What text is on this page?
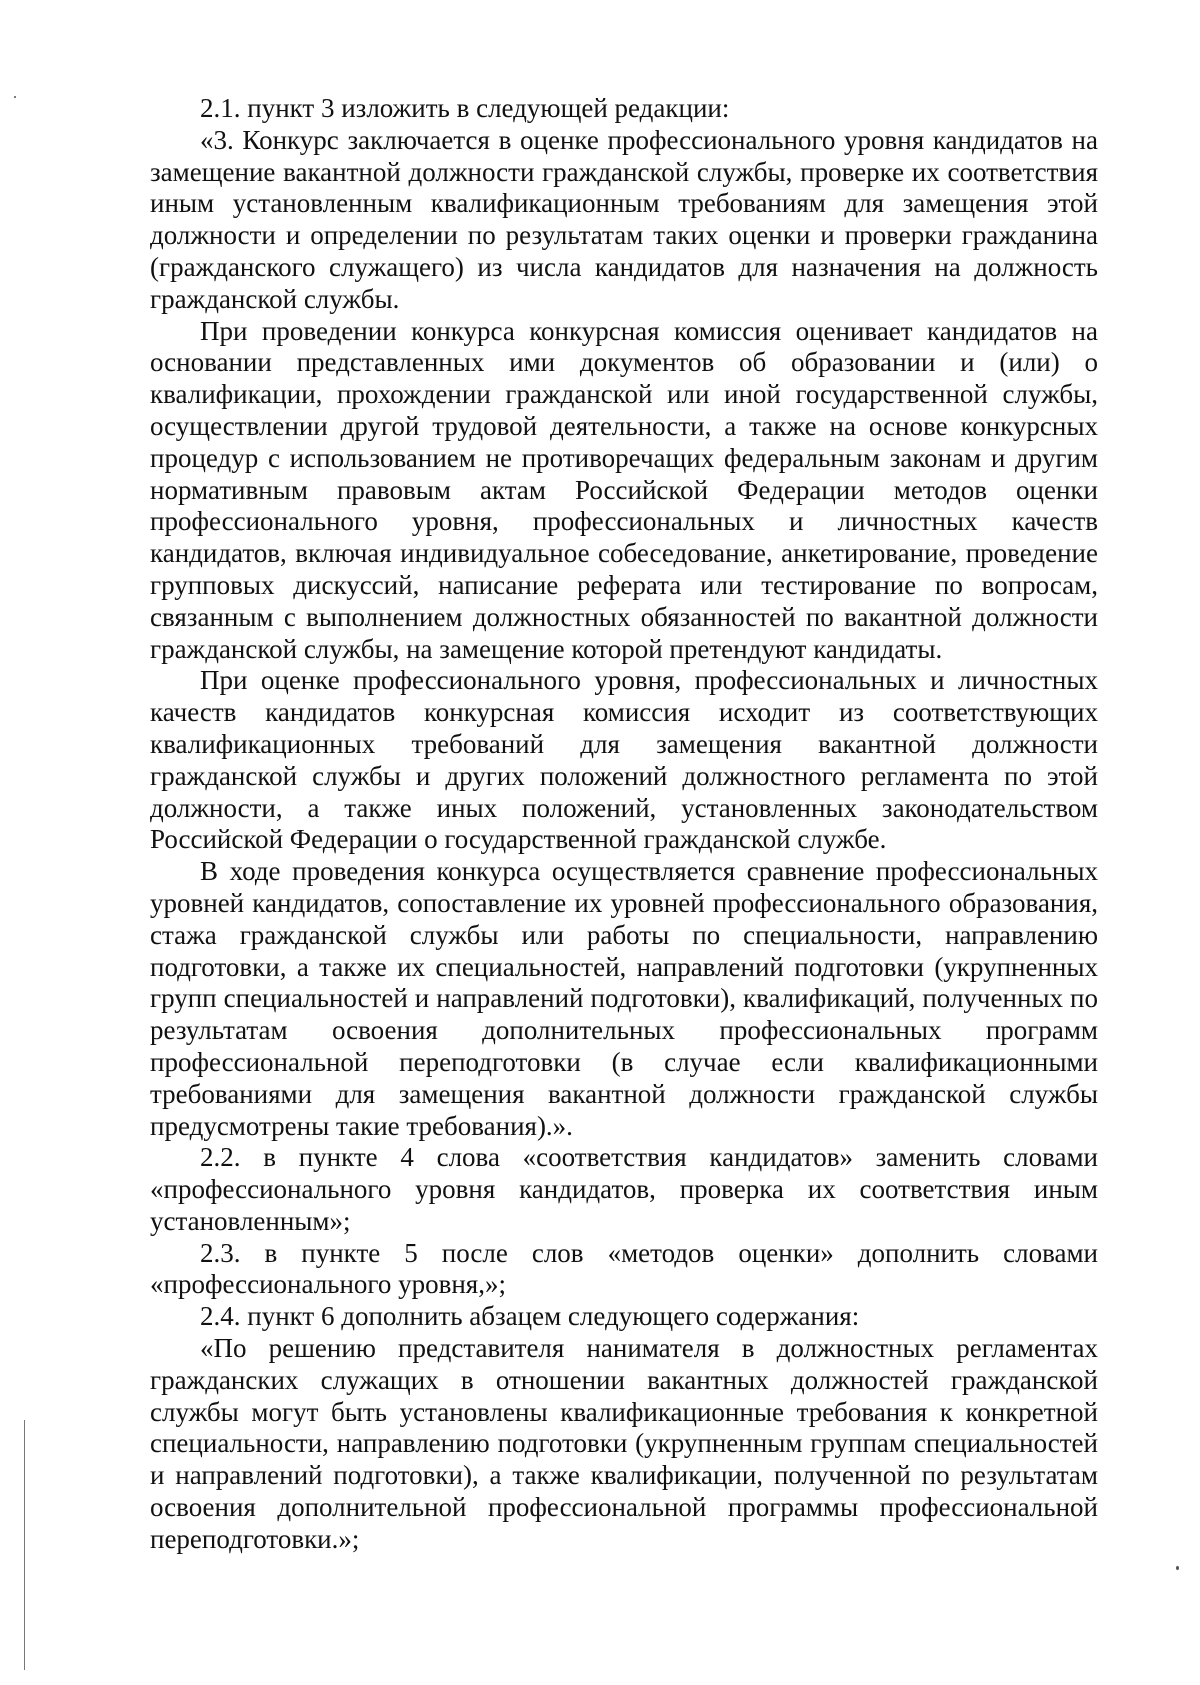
2.1. пункт 3 изложить в следующей редакции:

«3. Конкурс заключается в оценке профессионального уровня кандидатов на замещение вакантной должности гражданской службы, проверке их соответствия иным установленным квалификационным требованиям для замещения этой должности и определении по результатам таких оценки и проверки гражданина (гражданского служащего) из числа кандидатов для назначения на должность гражданской службы.

При проведении конкурса конкурсная комиссия оценивает кандидатов на основании представленных ими документов об образовании и (или) о квалификации, прохождении гражданской или иной государственной службы, осуществлении другой трудовой деятельности, а также на основе конкурсных процедур с использованием не противоречащих федеральным законам и другим нормативным правовым актам Российской Федерации методов оценки профессионального уровня, профессиональных и личностных качеств кандидатов, включая индивидуальное собеседование, анкетирование, проведение групповых дискуссий, написание реферата или тестирование по вопросам, связанным с выполнением должностных обязанностей по вакантной должности гражданской службы, на замещение которой претендуют кандидаты.

При оценке профессионального уровня, профессиональных и личностных качеств кандидатов конкурсная комиссия исходит из соответствующих квалификационных требований для замещения вакантной должности гражданской службы и других положений должностного регламента по этой должности, а также иных положений, установленных законодательством Российской Федерации о государственной гражданской службе.

В ходе проведения конкурса осуществляется сравнение профессиональных уровней кандидатов, сопоставление их уровней профессионального образования, стажа гражданской службы или работы по специальности, направлению подготовки, а также их специальностей, направлений подготовки (укрупненных групп специальностей и направлений подготовки), квалификаций, полученных по результатам освоения дополнительных профессиональных программ профессиональной переподготовки (в случае если квалификационными требованиями для замещения вакантной должности гражданской службы предусмотрены такие требования).».

2.2. в пункте 4 слова «соответствия кандидатов» заменить словами «профессионального уровня кандидатов, проверка их соответствия иным установленным»;

2.3. в пункте 5 после слов «методов оценки» дополнить словами «профессионального уровня,»;

2.4. пункт 6 дополнить абзацем следующего содержания:

«По решению представителя нанимателя в должностных регламентах гражданских служащих в отношении вакантных должностей гражданской службы могут быть установлены квалификационные требования к конкретной специальности, направлению подготовки (укрупненным группам специальностей и направлений подготовки), а также квалификации, полученной по результатам освоения дополнительной профессиональной программы профессиональной переподготовки.»;
